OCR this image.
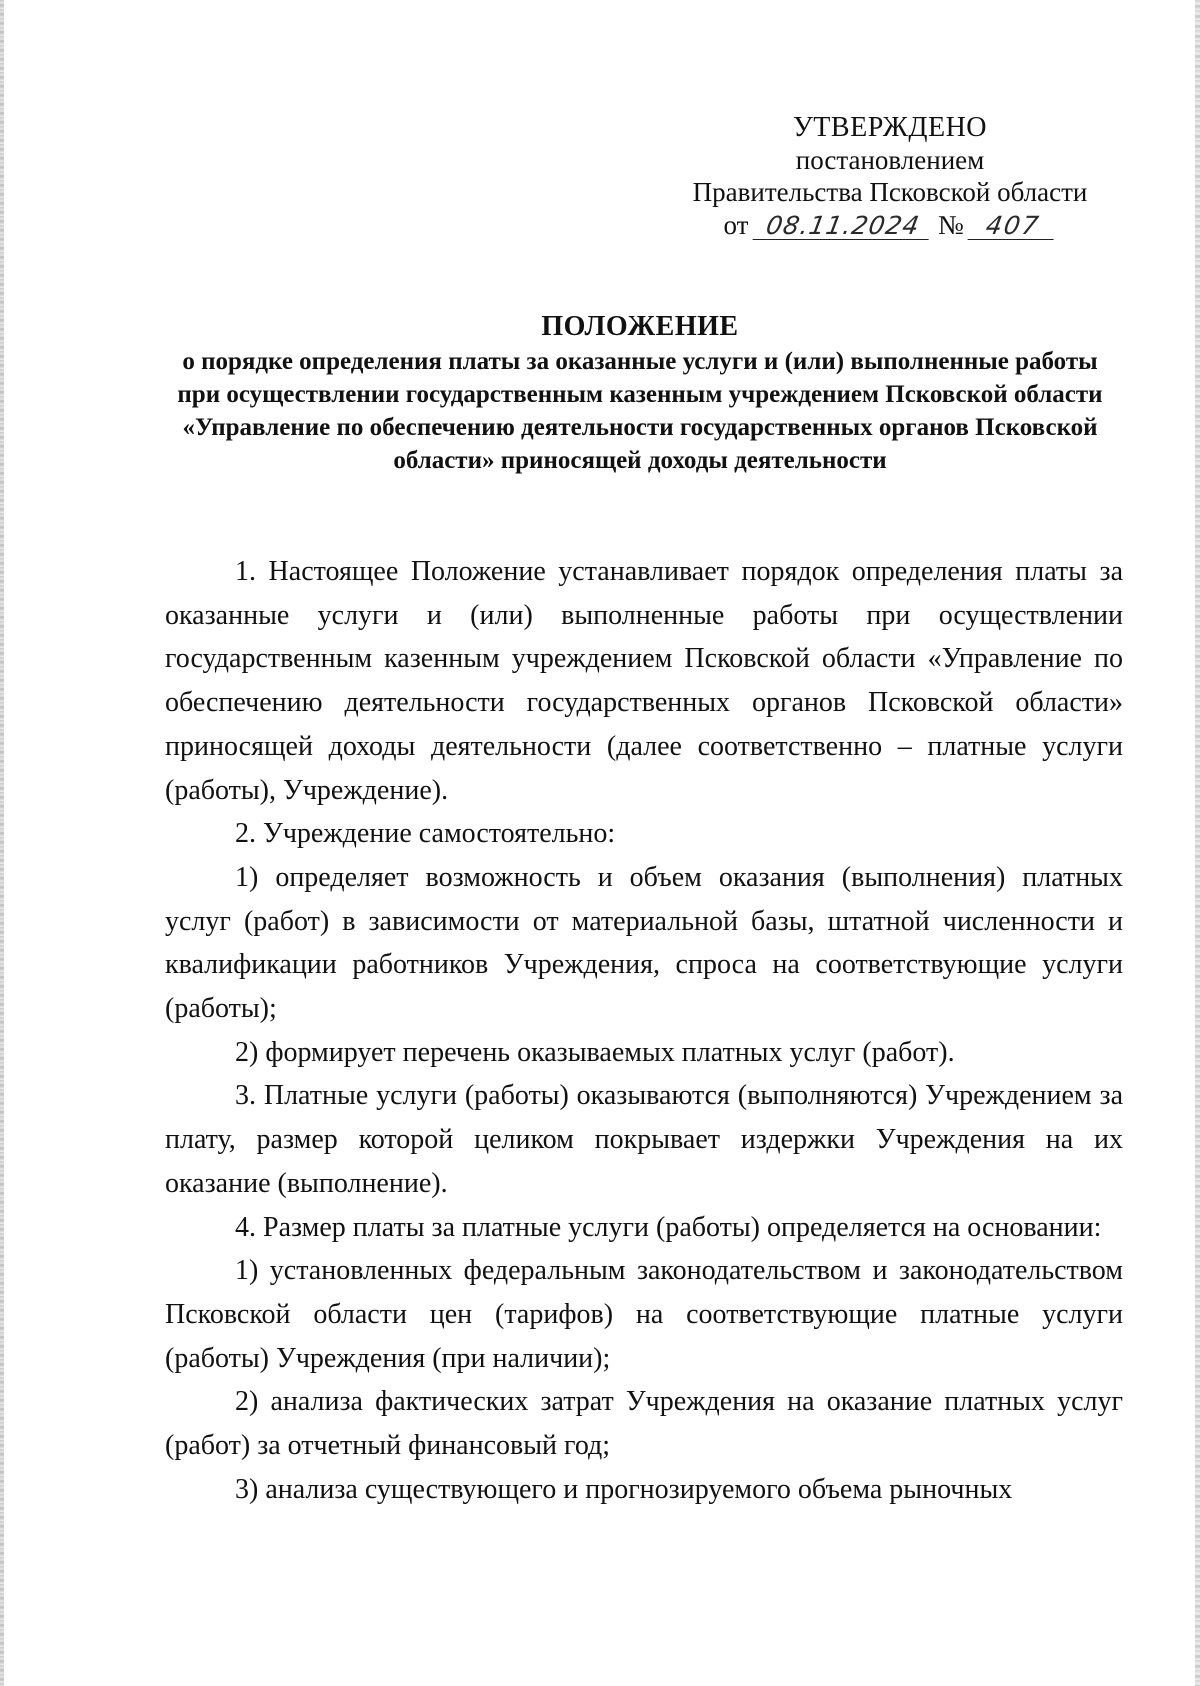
УТВЕРЖДЕНО
постановлением
Правительства Псковской области
от 08.11.2024 № 407

ПОЛОЖЕНИЕ

о порядке определения платы за оказанные услуги и (или) выполненные работы при осуществлении государственным казенным учреждением Псковской области «Управление по обеспечению деятельности государственных органов Псковской области» приносящей доходы деятельности

1. Настоящее Положение устанавливает порядок определения платы за оказанные услуги и (или) выполненные работы при осуществлении государственным казенным учреждением Псковской области «Управление по обеспечению деятельности государственных органов Псковской области» приносящей доходы деятельности (далее соответственно – платные услуги (работы), Учреждение).

2. Учреждение самостоятельно:

1) определяет возможность и объем оказания (выполнения) платных услуг (работ) в зависимости от материальной базы, штатной численности и квалификации работников Учреждения, спроса на соответствующие услуги (работы);

2) формирует перечень оказываемых платных услуг (работ).

3. Платные услуги (работы) оказываются (выполняются) Учреждением за плату, размер которой целиком покрывает издержки Учреждения на их оказание (выполнение).

4. Размер платы за платные услуги (работы) определяется на основании:

1) установленных федеральным законодательством и законодательством Псковской области цен (тарифов) на соответствующие платные услуги (работы) Учреждения (при наличии);

2) анализа фактических затрат Учреждения на оказание платных услуг (работ) за отчетный финансовый год;

3) анализа существующего и прогнозируемого объема рыночных
